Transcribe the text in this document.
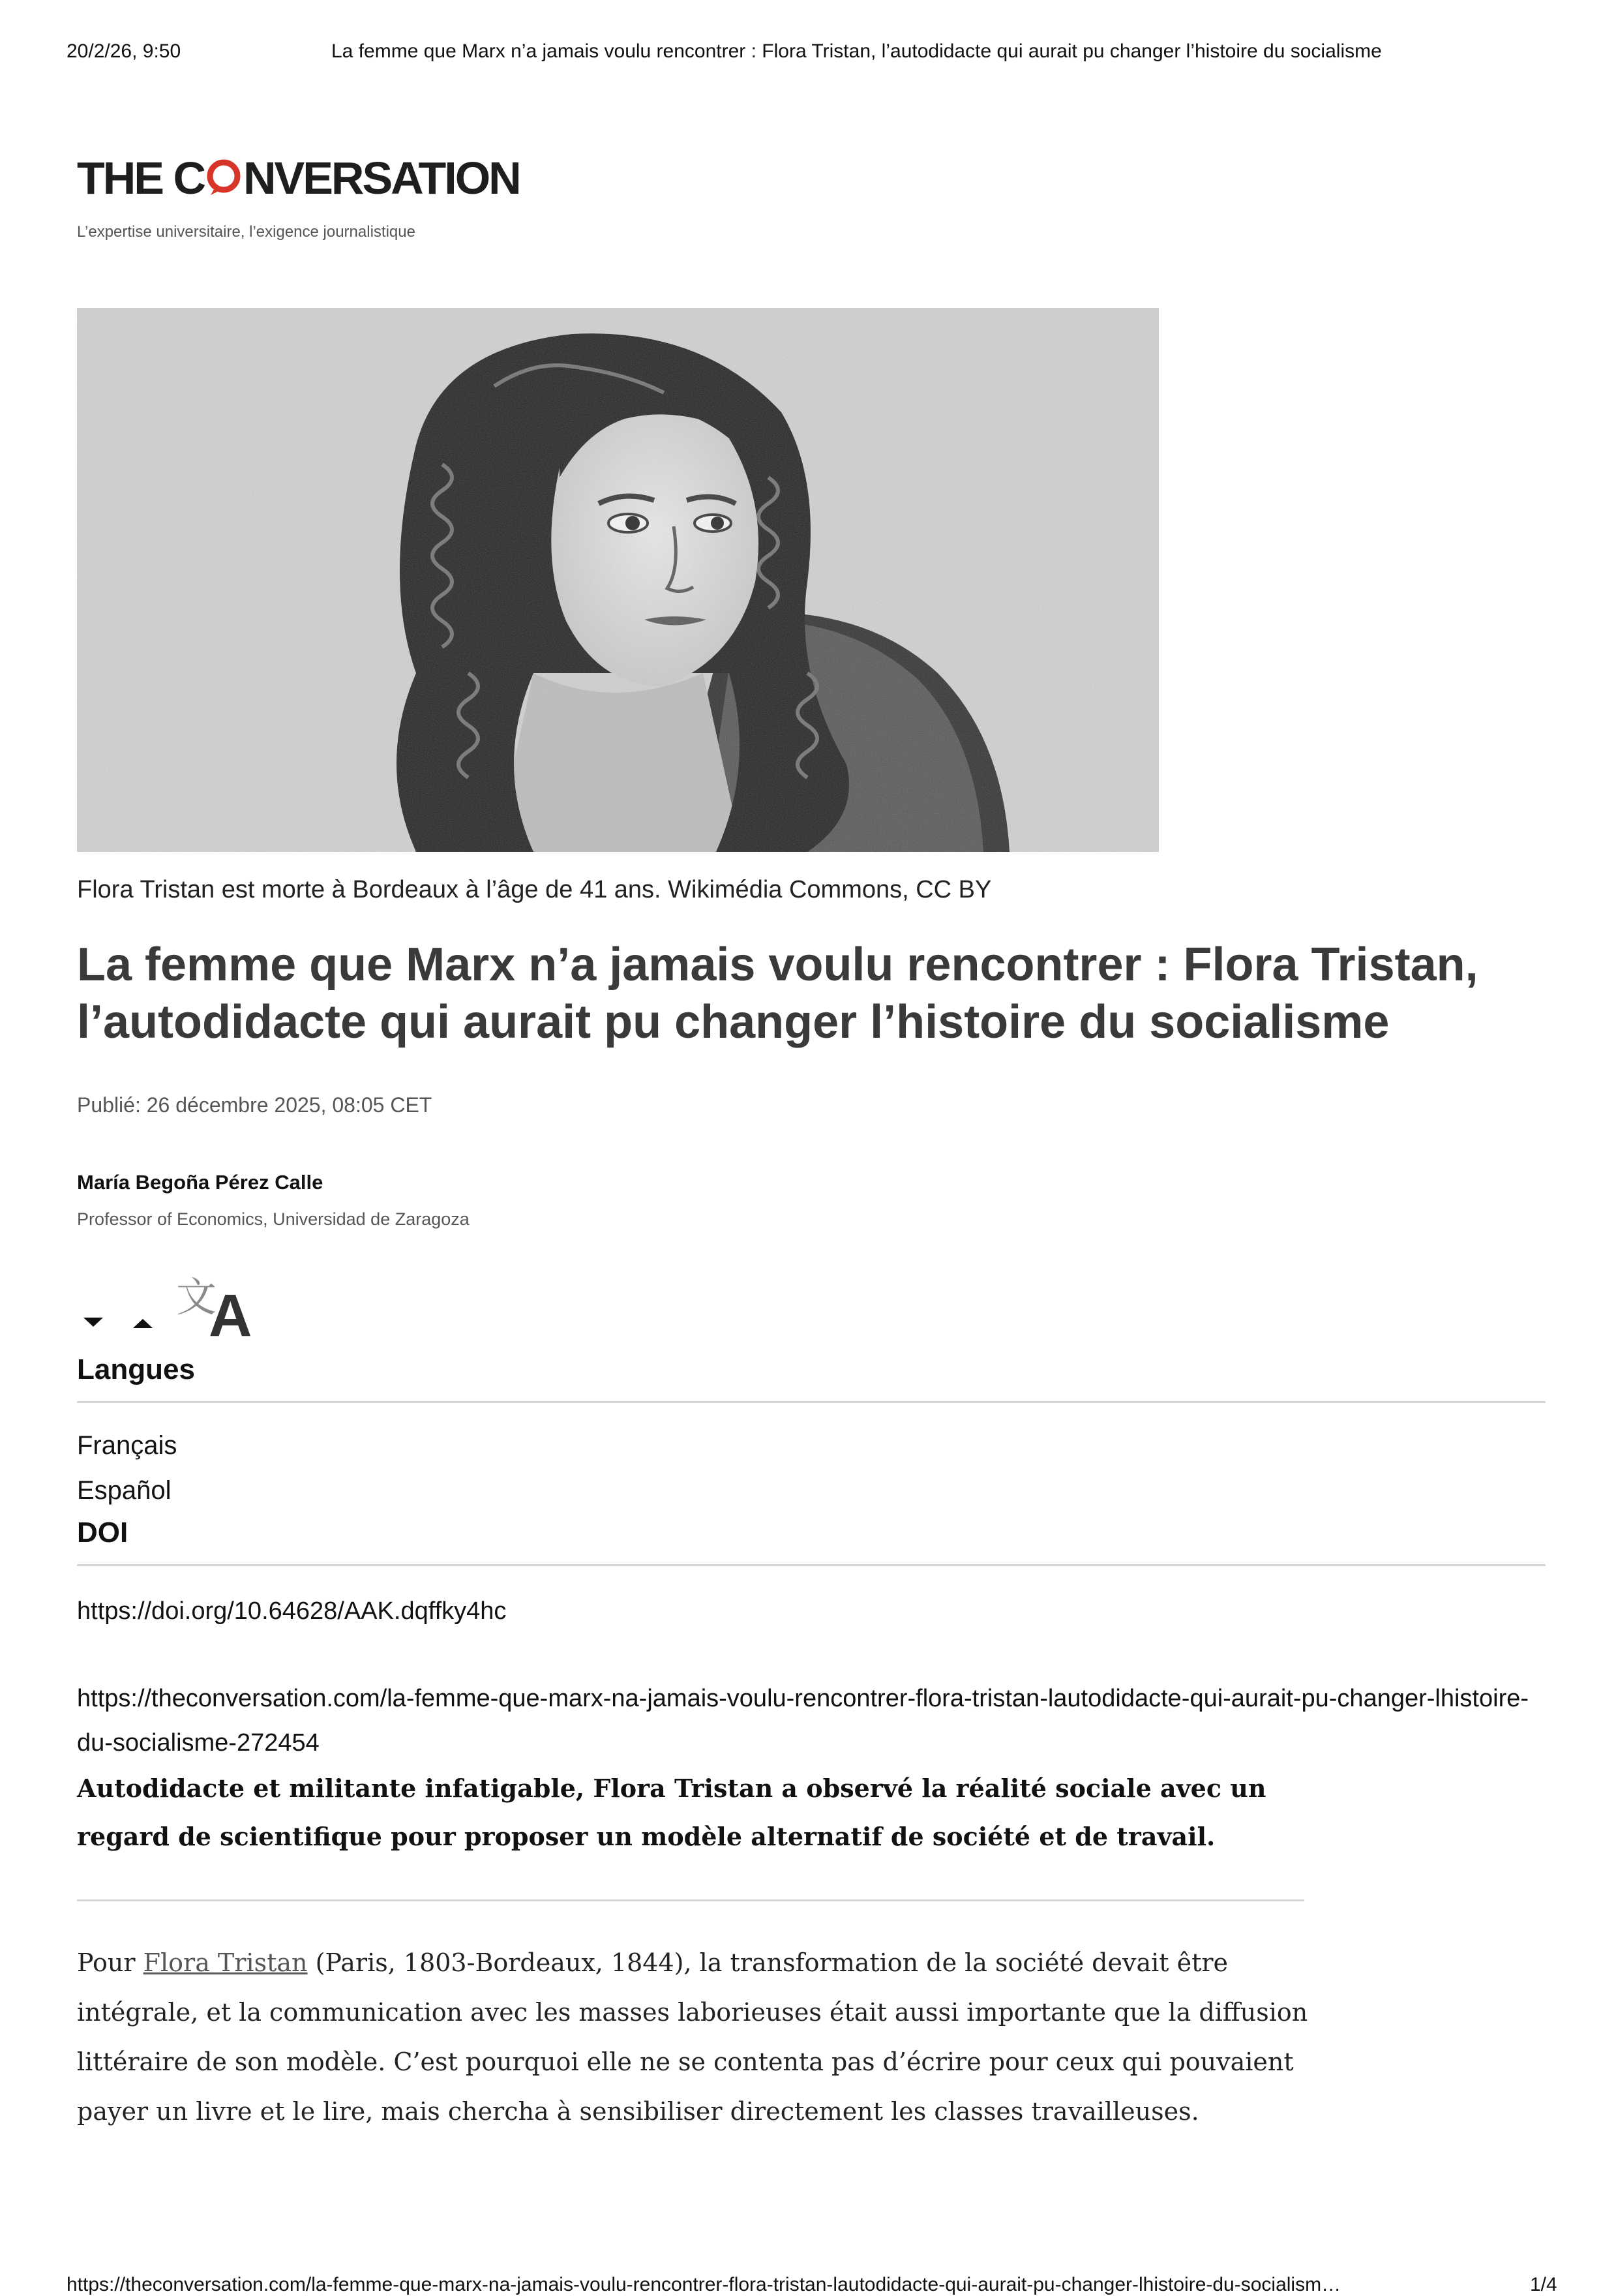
20/2/26, 9:50	La femme que Marx n’a jamais voulu rencontrer : Flora Tristan, l’autodidacte qui aurait pu changer l’histoire du socialisme
THE C NVERSATION
L’expertise universitaire, l’exigence journalistique
Flora Tristan est morte à Bordeaux à l’âge de 41 ans. Wikimédia Commons, CC BY
La femme que Marx n’a jamais voulu rencontrer : Flora Tristan, l’autodidacte qui aurait pu changer l’histoire du socialisme
Publié: 26 décembre 2025, 08:05 CET
María Begoña Pérez Calle
Professor of Economics, Universidad de Zaragoza
文
A
Langues
Français
Español
DOI
https://doi.org/10.64628/AAK.dqffky4hc
https://theconversation.com/la-femme-que-marx-na-jamais-voulu-rencontrer-flora-tristan-lautodidacte-qui-aurait-pu-changer-lhistoire-du-socialisme-272454

Autodidacte et militante infatigable, Flora Tristan a observé la réalité sociale avec un regard de scientifique pour proposer un modèle alternatif de société et de travail.

Pour Flora Tristan (Paris, 1803-Bordeaux, 1844), la transformation de la société devait être intégrale, et la communication avec les masses laborieuses était aussi importante que la diffusion littéraire de son modèle. C’est pourquoi elle ne se contenta pas d’écrire pour ceux qui pouvaient payer un livre et le lire, mais chercha à sensibiliser directement les classes travailleuses.

https://theconversation.com/la-femme-que-marx-na-jamais-voulu-rencontrer-flora-tristan-lautodidacte-qui-aurait-pu-changer-lhistoire-du-socialism…	1/4
